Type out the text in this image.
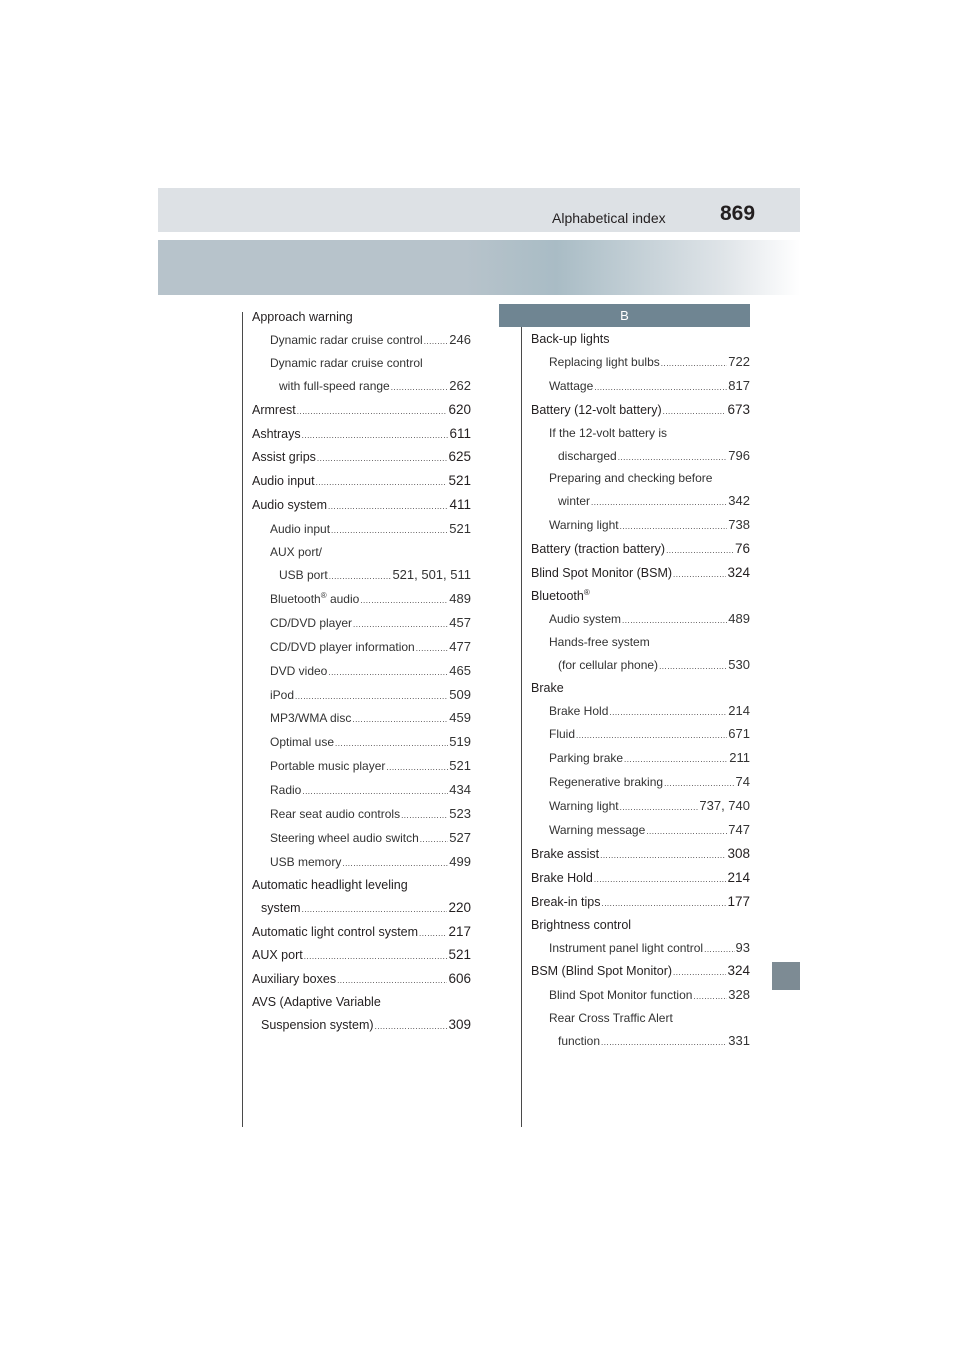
Alphabetical index	869
B
Approach warning
Dynamic radar cruise control ..... 246
Dynamic radar cruise control
with full-speed range .....	262
Armrest .....	620
Ashtrays .....	611
Assist grips .....	625
Audio input .....	521
Audio system .....	411
Audio input .....	521
AUX port/
USB port .....	521, 501, 511
Bluetooth® audio .....	489
CD/DVD player .....	457
CD/DVD player information .....	477
DVD video .....	465
iPod .....	509
MP3/WMA disc .....	459
Optimal use .....	519
Portable music player .....	521
Radio .....	434
Rear seat audio controls .....	523
Steering wheel audio switch ..... 527
USB memory .....	499
Automatic headlight leveling
system .....	220
Automatic light control system ..... 217
AUX port .....	521
Auxiliary boxes .....	606
AVS (Adaptive Variable
Suspension system) .....	309
Back-up lights
Replacing light bulbs .....	722
Wattage .....	817
Battery (12-volt battery) .....	673
If the 12-volt battery is
discharged .....	796
Preparing and checking before
winter .....	342
Warning light .....	738
Battery (traction battery) .....	76
Blind Spot Monitor (BSM) .....	324
Bluetooth®
Audio system .....	489
Hands-free system
(for cellular phone) .....	530
Brake
Brake Hold .....	214
Fluid .....	671
Parking brake .....	211
Regenerative braking .....	74
Warning light .....	737, 740
Warning message .....	747
Brake assist .....	308
Brake Hold .....	214
Break-in tips .....	177
Brightness control
Instrument panel light control ..... 93
BSM (Blind Spot Monitor) .....	324
Blind Spot Monitor function .....	328
Rear Cross Traffic Alert
function .....	331
